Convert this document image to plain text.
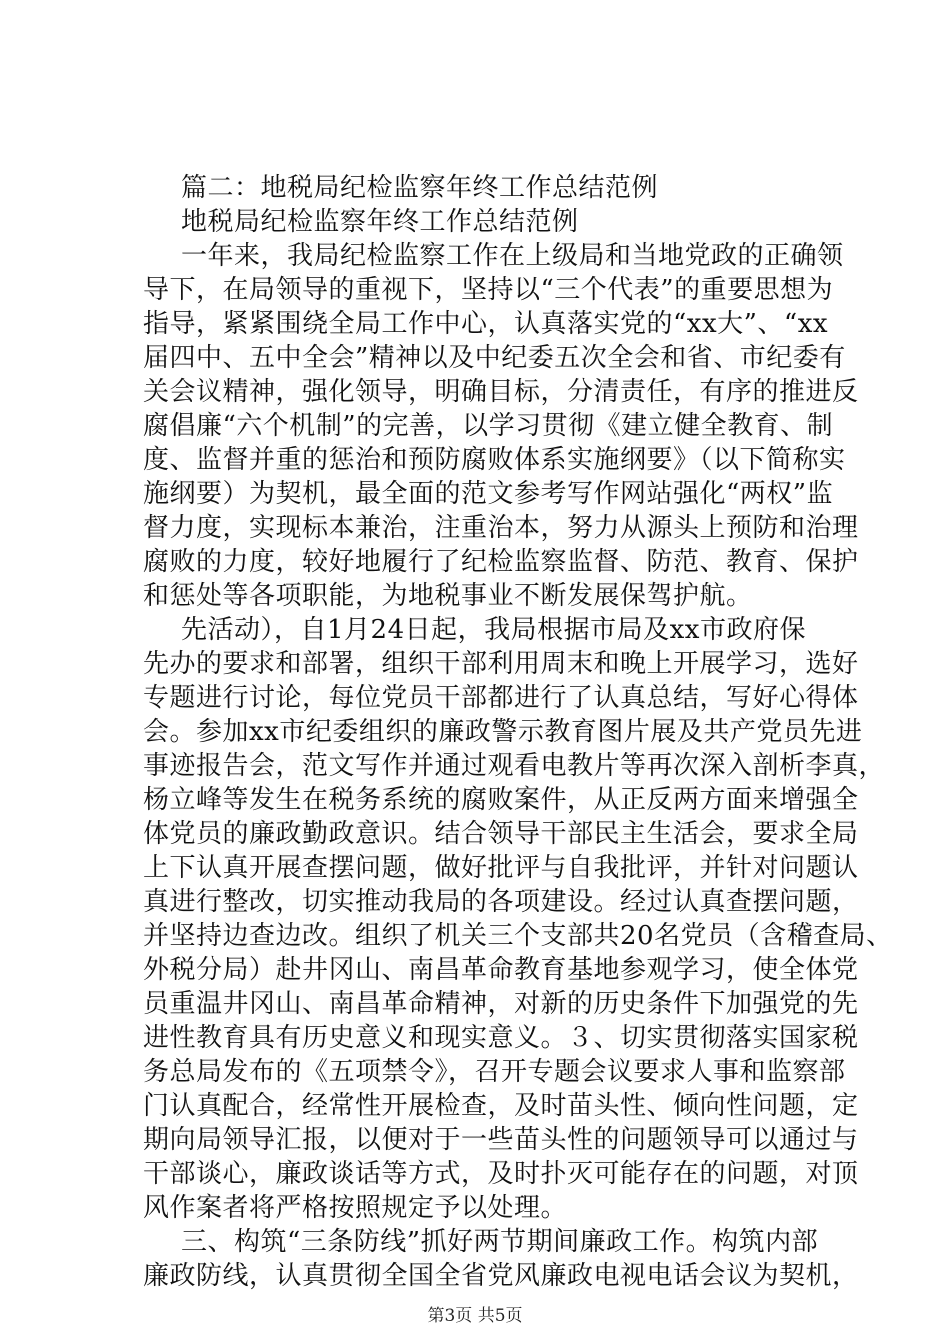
篇二：地税局纪检监察年终工作总结范例
地税局纪检监察年终工作总结范例
一年来，我局纪检监察工作在上级局和当地党政的正确领
导下，在局领导的重视下，坚持以“三个代表”的重要思想为
指导，紧紧围绕全局工作中心，认真落实党的“xx大”、“xx
届四中、五中全会”精神以及中纪委五次全会和省、市纪委有
关会议精神，强化领导，明确目标，分清责任，有序的推进反
腐倡廉“六个机制”的完善，以学习贯彻《建立健全教育、制
度、监督并重的惩治和预防腐败体系实施纲要》（以下简称实
施纲要）为契机，最全面的范文参考写作网站强化“两权”监
督力度，实现标本兼治，注重治本，努力从源头上预防和治理
腐败的力度，较好地履行了纪检监察监督、防范、教育、保护
和惩处等各项职能，为地税事业不断发展保驾护航。
先活动），自1月24日起，我局根据市局及xx市政府保
先办的要求和部署，组织干部利用周末和晚上开展学习，选好
专题进行讨论，每位党员干部都进行了认真总结，写好心得体
会。参加xx市纪委组织的廉政警示教育图片展及共产党员先进
事迹报告会，范文写作并通过观看电教片等再次深入剖析李真，
杨立峰等发生在税务系统的腐败案件，从正反两方面来增强全
体党员的廉政勤政意识。结合领导干部民主生活会，要求全局
上下认真开展查摆问题，做好批评与自我批评，并针对问题认
真进行整改，切实推动我局的各项建设。经过认真查摆问题，
并坚持边查边改。组织了机关三个支部共20名党员（含稽查局、
外税分局）赴井冈山、南昌革命教育基地参观学习，使全体党
员重温井冈山、南昌革命精神，对新的历史条件下加强党的先
进性教育具有历史意义和现实意义。３、切实贯彻落实国家税
务总局发布的《五项禁令》，召开专题会议要求人事和监察部
门认真配合，经常性开展检查，及时苗头性、倾向性问题，定
期向局领导汇报，以便对于一些苗头性的问题领导可以通过与
干部谈心，廉政谈话等方式，及时扑灭可能存在的问题，对顶
风作案者将严格按照规定予以处理。
三、构筑“三条防线”抓好两节期间廉政工作。构筑内部
廉政防线，认真贯彻全国全省党风廉政电视电话会议为契机，
第3页 共5页
